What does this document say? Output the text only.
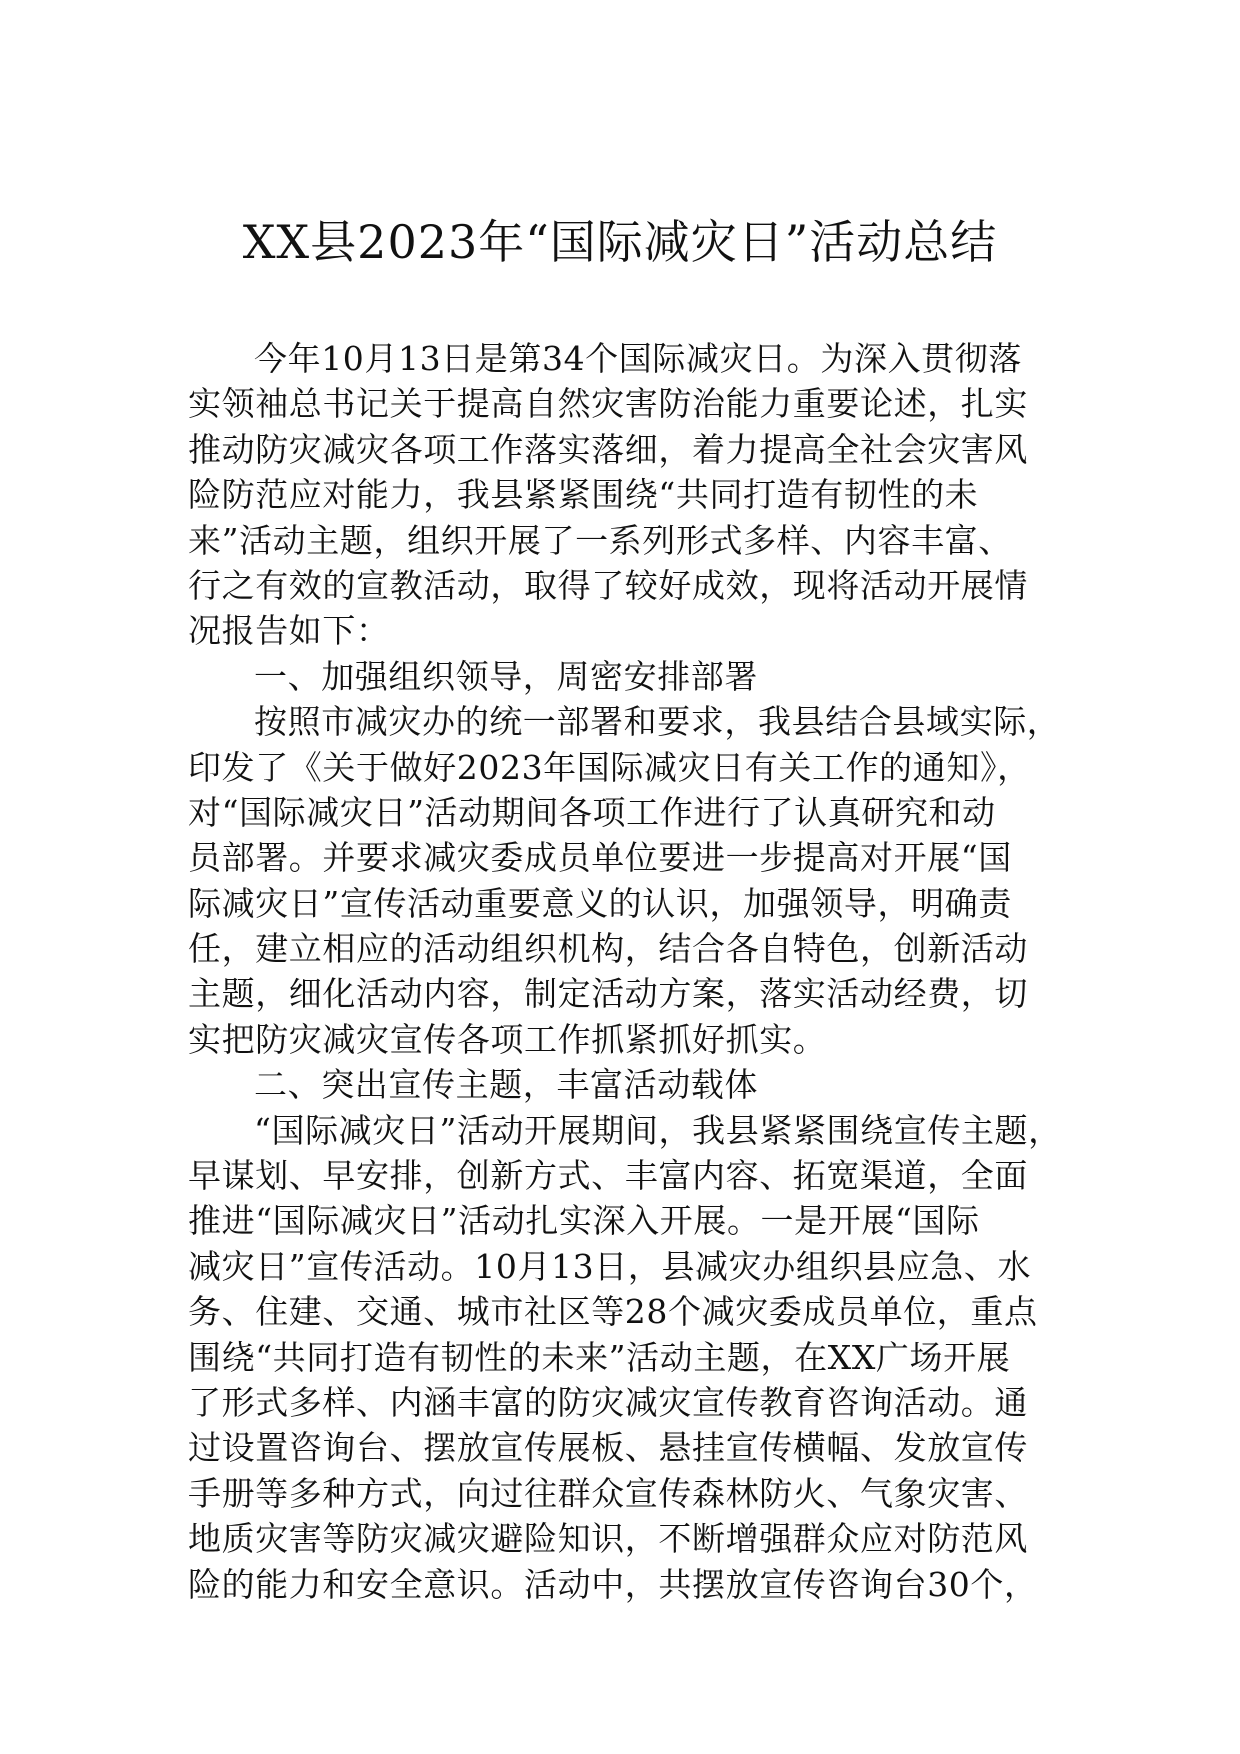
XX县2023年“国际减灾日”活动总结
今年10月13日是第34个国际减灾日。为深入贯彻落
实领袖总书记关于提高自然灾害防治能力重要论述，扎实
推动防灾减灾各项工作落实落细，着力提高全社会灾害风
险防范应对能力，我县紧紧围绕“共同打造有韧性的未
来”活动主题，组织开展了一系列形式多样、内容丰富、
行之有效的宣教活动，取得了较好成效，现将活动开展情
况报告如下：
一、加强组织领导，周密安排部署
按照市减灾办的统一部署和要求，我县结合县域实际，
印发了《关于做好2023年国际减灾日有关工作的通知》，
对“国际减灾日”活动期间各项工作进行了认真研究和动
员部署。并要求减灾委成员单位要进一步提高对开展“国
际减灾日”宣传活动重要意义的认识，加强领导，明确责
任，建立相应的活动组织机构，结合各自特色，创新活动
主题，细化活动内容，制定活动方案，落实活动经费，切
实把防灾减灾宣传各项工作抓紧抓好抓实。
二、突出宣传主题，丰富活动载体
“国际减灾日”活动开展期间，我县紧紧围绕宣传主题，
早谋划、早安排，创新方式、丰富内容、拓宽渠道，全面
推进“国际减灾日”活动扎实深入开展。一是开展“国际
减灾日”宣传活动。10月13日，县减灾办组织县应急、水
务、住建、交通、城市社区等28个减灾委成员单位，重点
围绕“共同打造有韧性的未来”活动主题，在XX广场开展
了形式多样、内涵丰富的防灾减灾宣传教育咨询活动。通
过设置咨询台、摆放宣传展板、悬挂宣传横幅、发放宣传
手册等多种方式，向过往群众宣传森林防火、气象灾害、
地质灾害等防灾减灾避险知识，不断增强群众应对防范风
险的能力和安全意识。活动中，共摆放宣传咨询台30个，
